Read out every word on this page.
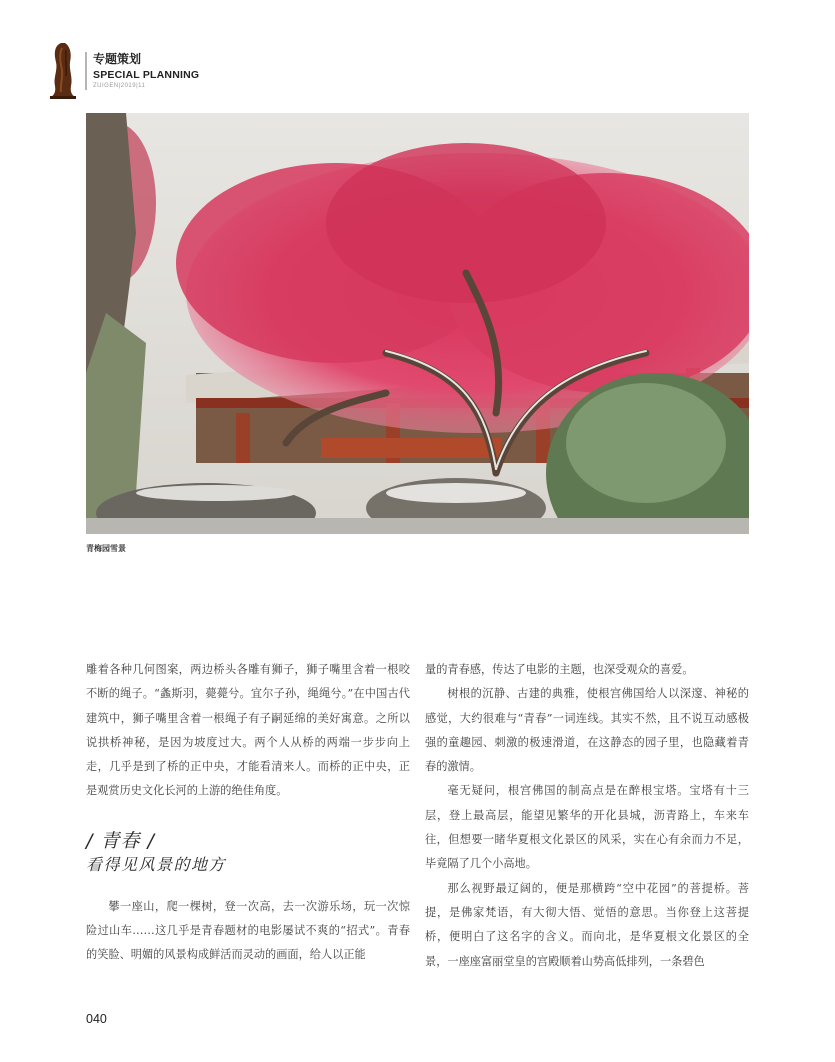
专题策划
SPECIAL PLANNING
ZUIGEN|2019|11
青梅园雪景

雕着各种几何图案，两边桥头各雕有狮子，狮子嘴里含着一根咬不断的绳子。“螽斯羽，薨薨兮。宜尔子孙，绳绳兮。”在中国古代建筑中，狮子嘴里含着一根绳子有子嗣延绵的美好寓意。之所以说拱桥神秘，是因为坡度过大。两个人从桥的两端一步步向上走，几乎是到了桥的正中央，才能看清来人。而桥的正中央，正是观赏历史文化长河的上游的绝佳角度。

/ 青春 /
看得见风景的地方

攀一座山，爬一棵树，登一次高，去一次游乐场，玩一次惊险过山车……这几乎是青春题材的电影屡试不爽的“招式”。青春的笑脸、明媚的风景构成鲜活而灵动的画面，给人以正能

量的青春感，传达了电影的主题，也深受观众的喜爱。

树根的沉静、古建的典雅，使根宫佛国给人以深邃、神秘的感觉，大约很难与“青春”一词连线。其实不然，且不说互动感极强的童趣园、刺激的极速滑道，在这静态的园子里，也隐藏着青春的激情。

毫无疑问，根宫佛国的制高点是在醉根宝塔。宝塔有十三层，登上最高层，能望见繁华的开化县城，沥青路上，车来车往，但想要一睹华夏根文化景区的风采，实在心有余而力不足，毕竟隔了几个小高地。

那么视野最辽阔的，便是那横跨“空中花园”的菩提桥。菩提，是佛家梵语，有大彻大悟、觉悟的意思。当你登上这菩提桥，便明白了这名字的含义。而向北，是华夏根文化景区的全景，一座座富丽堂皇的宫殿顺着山势高低排列，一条碧色

040
